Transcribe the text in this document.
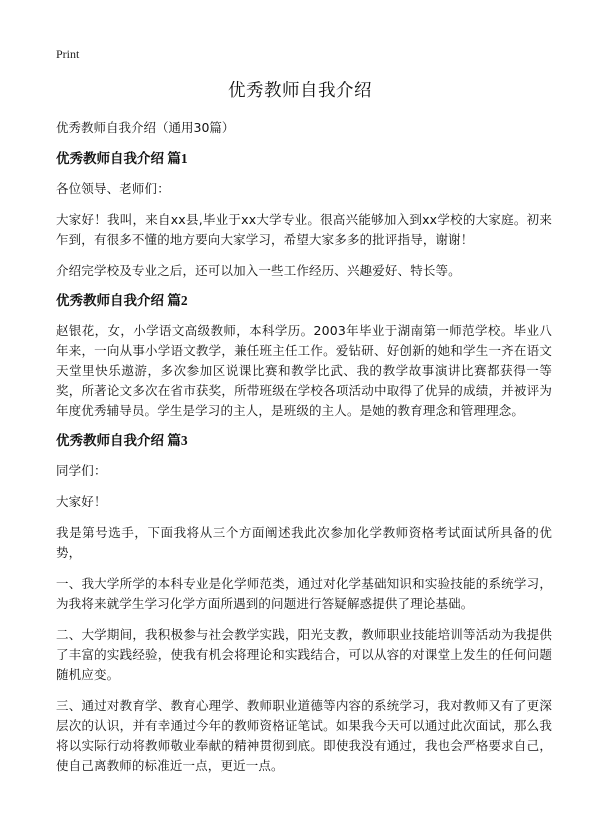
Print
优秀教师自我介绍

优秀教师自我介绍（通用30篇）

优秀教师自我介绍 篇1

各位领导、老师们：

大家好！我叫，来自xx县,毕业于xx大学专业。很高兴能够加入到xx学校的大家庭。初来乍到，有很多不懂的地方要向大家学习，希望大家多多的批评指导，谢谢！

介绍完学校及专业之后，还可以加入一些工作经历、兴趣爱好、特长等。

优秀教师自我介绍 篇2

赵银花，女，小学语文高级教师，本科学历。2003年毕业于湖南第一师范学校。毕业八年来，一向从事小学语文教学，兼任班主任工作。爱钻研、好创新的她和学生一齐在语文天堂里快乐遨游，多次参加区说课比赛和教学比武、我的教学故事演讲比赛都获得一等奖，所著论文多次在省市获奖，所带班级在学校各项活动中取得了优异的成绩，并被评为年度优秀辅导员。学生是学习的主人，是班级的主人。是她的教育理念和管理理念。

优秀教师自我介绍 篇3

同学们：

大家好！

我是第号选手，下面我将从三个方面阐述我此次参加化学教师资格考试面试所具备的优势，

一、我大学所学的本科专业是化学师范类，通过对化学基础知识和实验技能的系统学习，为我将来就学生学习化学方面所遇到的问题进行答疑解惑提供了理论基础。

二、大学期间，我积极参与社会教学实践，阳光支教，教师职业技能培训等活动为我提供了丰富的实践经验，使我有机会将理论和实践结合，可以从容的对课堂上发生的任何问题随机应变。

三、通过对教育学、教育心理学、教师职业道德等内容的系统学习，我对教师又有了更深层次的认识，并有幸通过今年的教师资格证笔试。如果我今天可以通过此次面试，那么我将以实际行动将教师敬业奉献的精神贯彻到底。即使我没有通过，我也会严格要求自己，使自己离教师的标准近一点，更近一点。
